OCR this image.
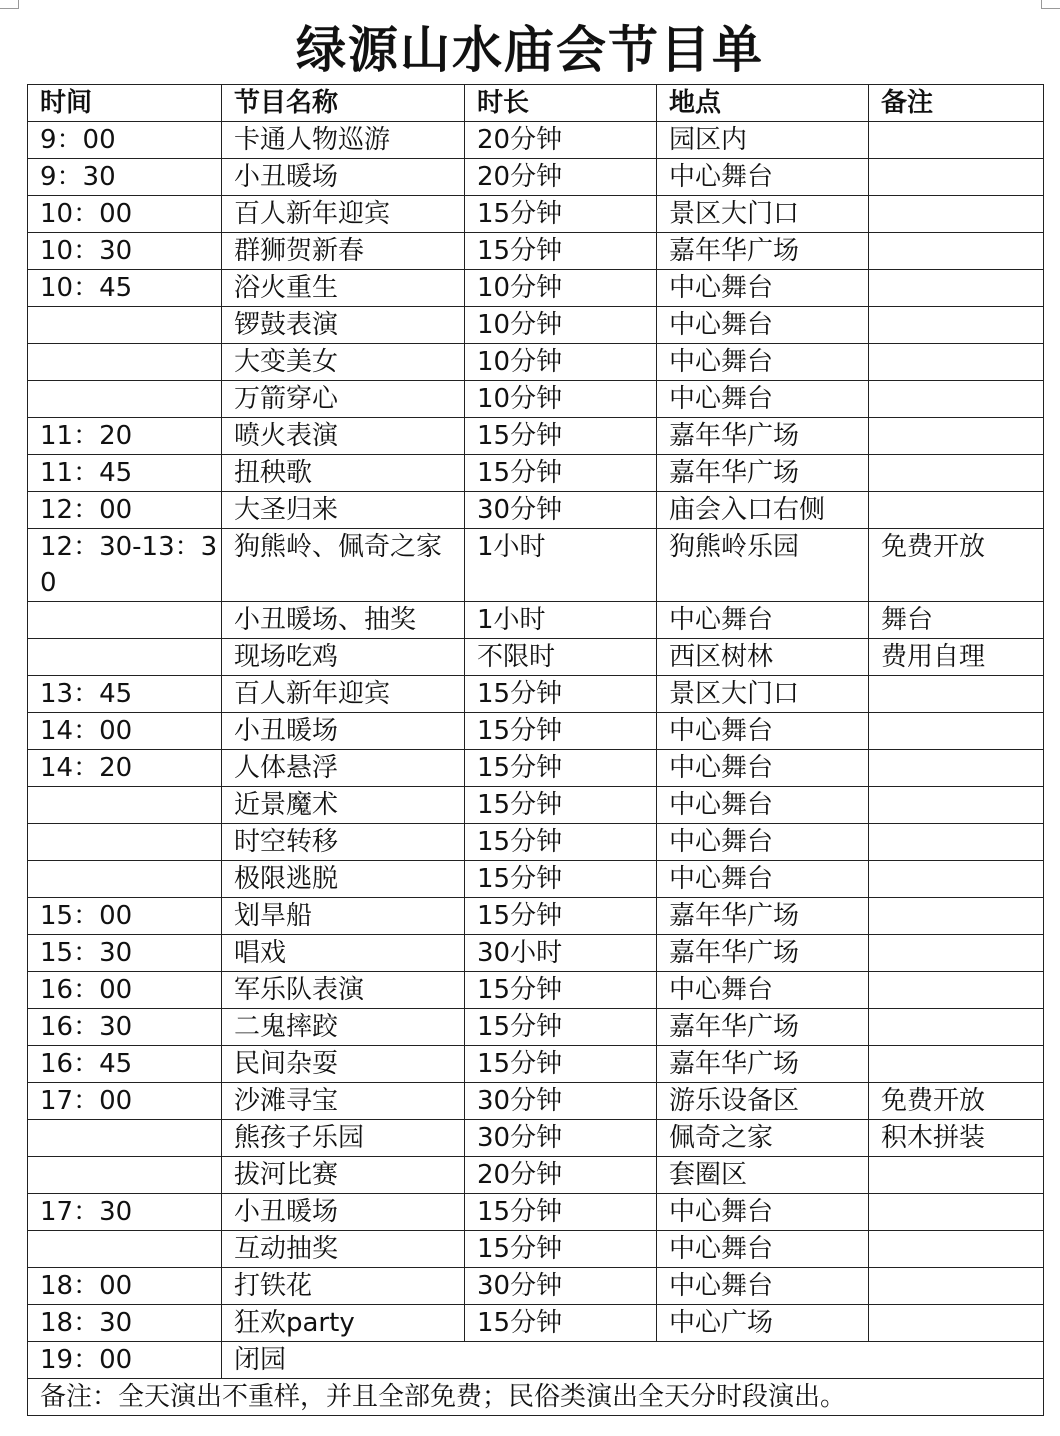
绿源山水庙会节目单
时间	节目名称	时长	地点	备注
9：00	卡通人物巡游	20分钟	园区内	
9：30	小丑暖场	20分钟	中心舞台	
10：00	百人新年迎宾	15分钟	景区大门口	
10：30	群狮贺新春	15分钟	嘉年华广场	
10：45	浴火重生	10分钟	中心舞台	
	锣鼓表演	10分钟	中心舞台	
	大变美女	10分钟	中心舞台	
	万箭穿心	10分钟	中心舞台	
11：20	喷火表演	15分钟	嘉年华广场	
11：45	扭秧歌	15分钟	嘉年华广场	
12：00	大圣归来	30分钟	庙会入口右侧	
12：30-13：30	狗熊岭、佩奇之家	1小时	狗熊岭乐园	免费开放
	小丑暖场、抽奖	1小时	中心舞台	舞台
	现场吃鸡	不限时	西区树林	费用自理
13：45	百人新年迎宾	15分钟	景区大门口	
14：00	小丑暖场	15分钟	中心舞台	
14：20	人体悬浮	15分钟	中心舞台	
	近景魔术	15分钟	中心舞台	
	时空转移	15分钟	中心舞台	
	极限逃脱	15分钟	中心舞台	
15：00	划旱船	15分钟	嘉年华广场	
15：30	唱戏	30小时	嘉年华广场	
16：00	军乐队表演	15分钟	中心舞台	
16：30	二鬼摔跤	15分钟	嘉年华广场	
16：45	民间杂耍	15分钟	嘉年华广场	
17：00	沙滩寻宝	30分钟	游乐设备区	免费开放
	熊孩子乐园	30分钟	佩奇之家	积木拼装
	拔河比赛	20分钟	套圈区	
17：30	小丑暖场	15分钟	中心舞台	
	互动抽奖	15分钟	中心舞台	
18：00	打铁花	30分钟	中心舞台	
18：30	狂欢party	15分钟	中心广场	
19：00	闭园			
备注：全天演出不重样，并且全部免费；民俗类演出全天分时段演出。				
